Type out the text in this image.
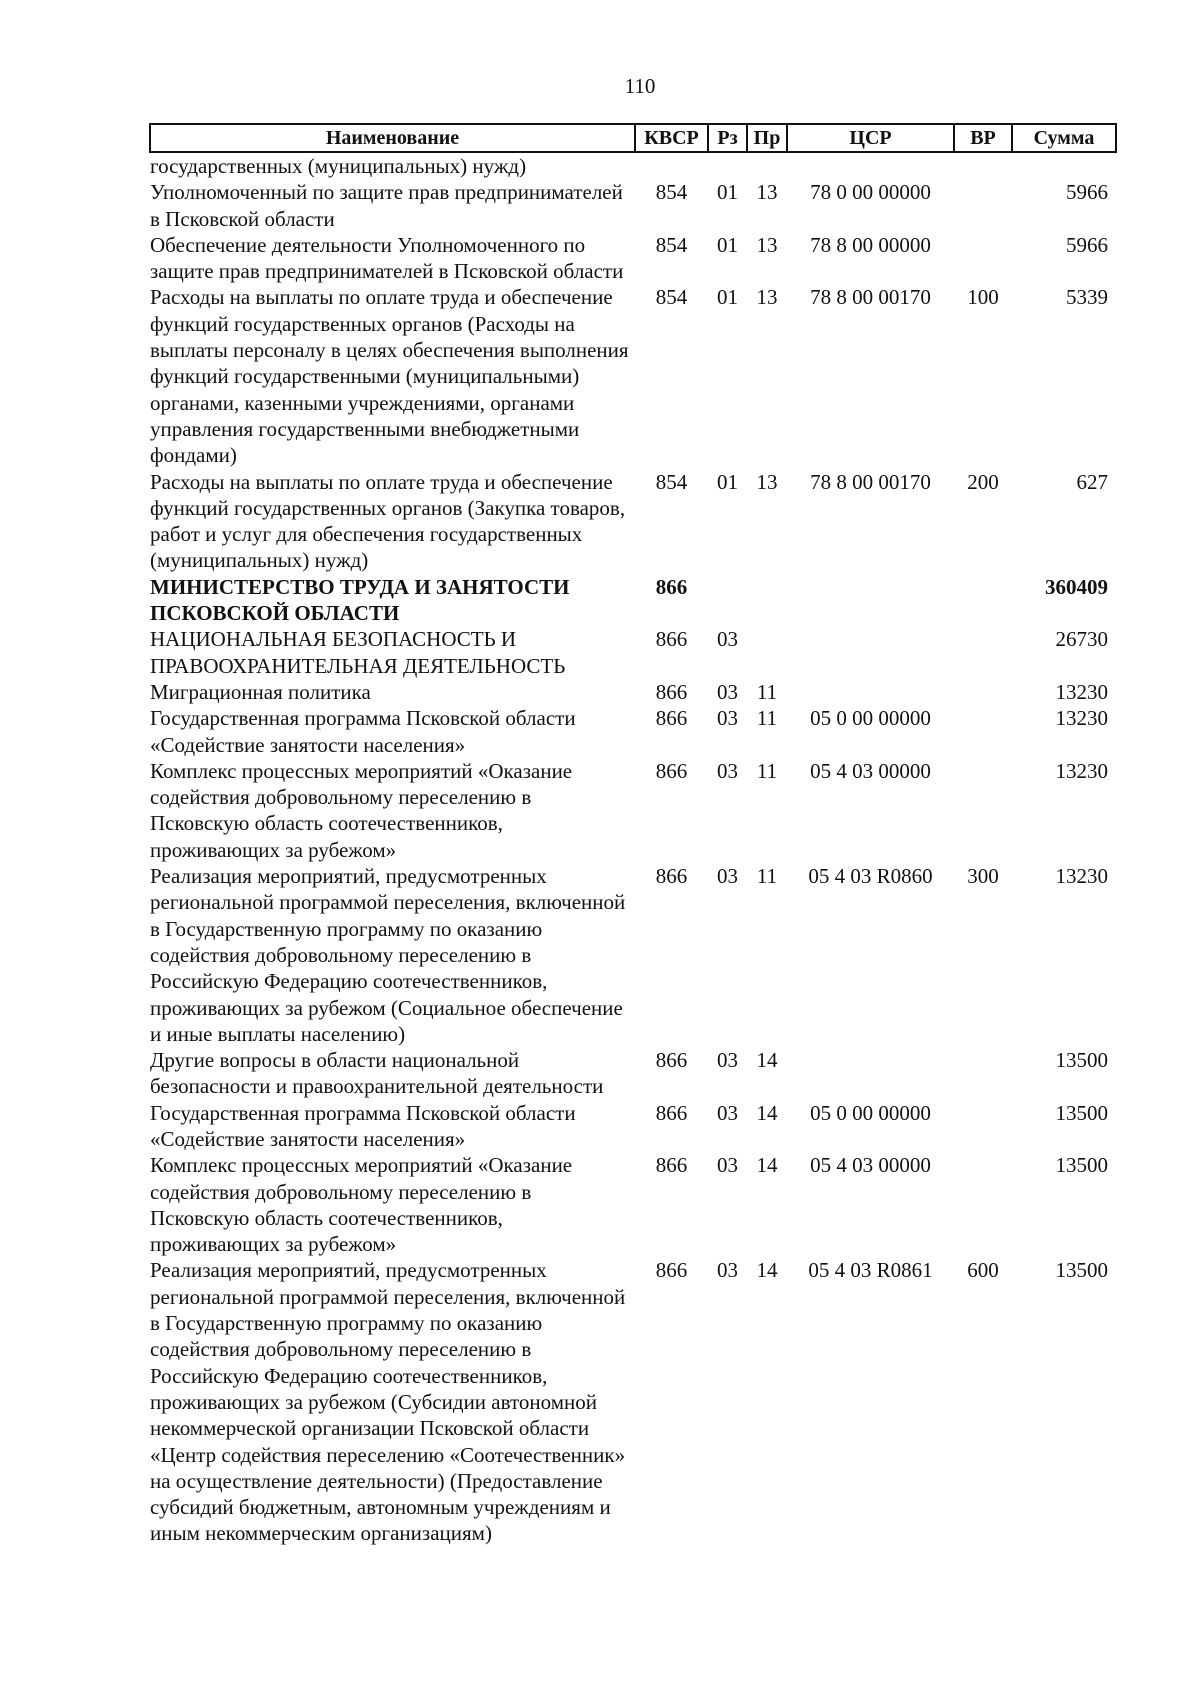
110
Наименование	КВСР	Рз	Пр	ЦСР	ВР	Сумма
государственных (муниципальных) нужд)						
Уполномоченный по защите прав предпринимателей в Псковской области	854	01	13	78 0 00 00000		5966
Обеспечение деятельности Уполномоченного по защите прав предпринимателей в Псковской области	854	01	13	78 8 00 00000		5966
Расходы на выплаты по оплате труда и обеспечение функций государственных органов (Расходы на выплаты персоналу в целях обеспечения выполнения функций государственными (муниципальными) органами, казенными учреждениями, органами управления государственными внебюджетными фондами)	854	01	13	78 8 00 00170	100	5339
Расходы на выплаты по оплате труда и обеспечение функций государственных органов (Закупка товаров, работ и услуг для обеспечения государственных (муниципальных) нужд)	854	01	13	78 8 00 00170	200	627
МИНИСТЕРСТВО ТРУДА И ЗАНЯТОСТИ ПСКОВСКОЙ ОБЛАСТИ	866					360409
НАЦИОНАЛЬНАЯ БЕЗОПАСНОСТЬ И ПРАВООХРАНИТЕЛЬНАЯ ДЕЯТЕЛЬНОСТЬ	866	03				26730
Миграционная политика	866	03	11			13230
Государственная программа Псковской области «Содействие занятости населения»	866	03	11	05 0 00 00000		13230
Комплекс процессных мероприятий «Оказание содействия добровольному переселению в Псковскую область соотечественников, проживающих за рубежом»	866	03	11	05 4 03 00000		13230
Реализация мероприятий, предусмотренных региональной программой переселения, включенной в Государственную программу по оказанию содействия добровольному переселению в Российскую Федерацию соотечественников, проживающих за рубежом (Социальное обеспечение и иные выплаты населению)	866	03	11	05 4 03 R0860	300	13230
Другие вопросы в области национальной безопасности и правоохранительной деятельности	866	03	14			13500
Государственная программа Псковской области «Содействие занятости населения»	866	03	14	05 0 00 00000		13500
Комплекс процессных мероприятий «Оказание содействия добровольному переселению в Псковскую область соотечественников, проживающих за рубежом»	866	03	14	05 4 03 00000		13500
Реализация мероприятий, предусмотренных региональной программой переселения, включенной в Государственную программу по оказанию содействия добровольному переселению в Российскую Федерацию соотечественников, проживающих за рубежом (Субсидии автономной некоммерческой организации Псковской области «Центр содействия переселению «Соотечественник» на осуществление деятельности) (Предоставление субсидий бюджетным, автономным учреждениям и иным некоммерческим организациям)	866	03	14	05 4 03 R0861	600	13500
